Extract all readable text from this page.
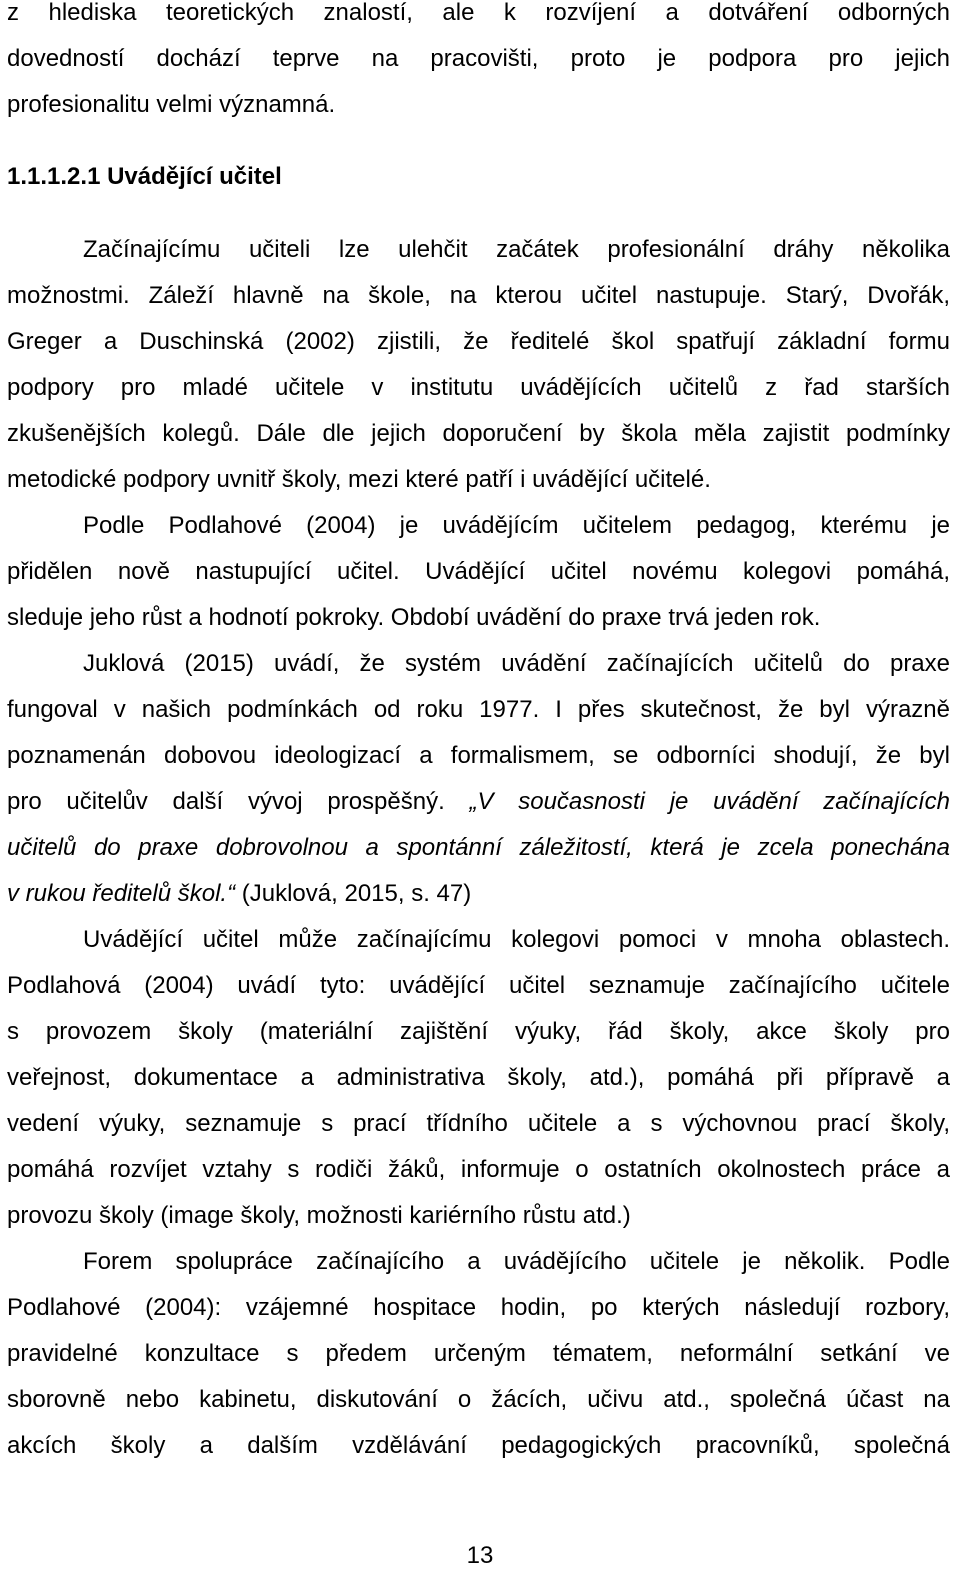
z hlediska teoretických znalostí, ale k rozvíjení a dotváření odborných
dovedností dochází teprve na pracovišti, proto je podpora pro jejich
profesionalitu velmi významná.
1.1.1.2.1 Uvádějící učitel
Začínajícímu učiteli lze ulehčit začátek profesionální dráhy několika
možnostmi. Záleží hlavně na škole, na kterou učitel nastupuje. Starý, Dvořák,
Greger a Duschinská (2002) zjistili, že ředitelé škol spatřují základní formu
podpory pro mladé učitele v institutu uvádějících učitelů z řad starších
zkušenějších kolegů. Dále dle jejich doporučení by škola měla zajistit podmínky
metodické podpory uvnitř školy, mezi které patří i uvádějící učitelé.
Podle Podlahové (2004) je uvádějícím učitelem pedagog, kterému je
přidělen nově nastupující učitel. Uvádějící učitel novému kolegovi pomáhá,
sleduje jeho růst a hodnotí pokroky. Období uvádění do praxe trvá jeden rok.
Juklová (2015) uvádí, že systém uvádění začínajících učitelů do praxe
fungoval v našich podmínkách od roku 1977. I přes skutečnost, že byl výrazně
poznamenán dobovou ideologizací a formalismem, se odborníci shodují, že byl
pro učitelův další vývoj prospěšný. „V současnosti je uvádění začínajících
učitelů do praxe dobrovolnou a spontánní záležitostí, která je zcela ponechána
v rukou ředitelů škol.“ (Juklová, 2015, s. 47)
Uvádějící učitel může začínajícímu kolegovi pomoci v mnoha oblastech.
Podlahová (2004) uvádí tyto: uvádějící učitel seznamuje začínajícího učitele
s provozem školy (materiální zajištění výuky, řád školy, akce školy pro
veřejnost, dokumentace a administrativa školy, atd.), pomáhá při přípravě a
vedení výuky, seznamuje s prací třídního učitele a s výchovnou prací školy,
pomáhá rozvíjet vztahy s rodiči žáků, informuje o ostatních okolnostech práce a
provozu školy (image školy, možnosti kariérního růstu atd.)
Forem spolupráce začínajícího a uvádějícího učitele je několik. Podle
Podlahové (2004): vzájemné hospitace hodin, po kterých následují rozbory,
pravidelné konzultace s předem určeným tématem, neformální setkání ve
sborovně nebo kabinetu, diskutování o žácích, učivu atd., společná účast na
akcích školy a dalším vzdělávání pedagogických pracovníků, společná
13
